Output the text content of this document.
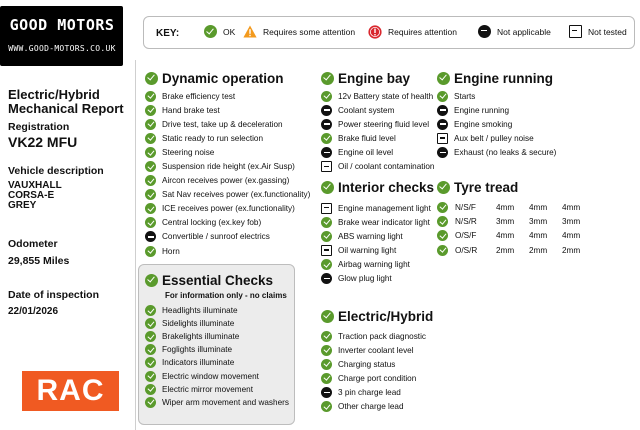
GOOD MOTORS
WWW.GOOD-MOTORS.CO.UK
Electric/Hybrid Mechanical Report
Registration
VK22 MFU
Vehicle description
VAUXHALL
CORSA-E
GREY
Odometer
29,855 Miles
Date of inspection
22/01/2026
RAC
KEY:	OK	Requires some attention	Requires attention	Not applicable	Not tested
Dynamic operation
Brake efficiency test
Hand brake test
Drive test, take up & deceleration
Static ready to run selection
Steering noise
Suspension ride height (ex.Air Susp)
Aircon receives power (ex.gassing)
Sat Nav receives power (ex.functionality)
ICE receives power (ex.functionality)
Central locking (ex.key fob)
Convertible / sunroof electrics
Horn
Essential Checks
For information only - no claims
Headlights illuminate
Sidelights illuminate
Brakelights illuminate
Foglights illuminate
Indicators illuminate
Electric window movement
Electric mirror movement
Wiper arm movement and washers
Engine bay
12v Battery state of health
Coolant system
Power steering fluid level
Brake fluid level
Engine oil level
Oil / coolant contamination
Engine running
Starts
Engine running
Engine smoking
Aux belt / pulley noise
Exhaust (no leaks & secure)
Interior checks
Engine management light
Brake wear indicator light
ABS warning light
Oil warning light
Airbag warning light
Glow plug light
Tyre tread
N/S/F	4mm	4mm	4mm
N/S/R	3mm	3mm	3mm
O/S/F	4mm	4mm	4mm
O/S/R	2mm	2mm	2mm
Electric/Hybrid
Traction pack diagnostic
Inverter coolant level
Charging status
Charge port condition
3 pin charge lead
Other charge lead
